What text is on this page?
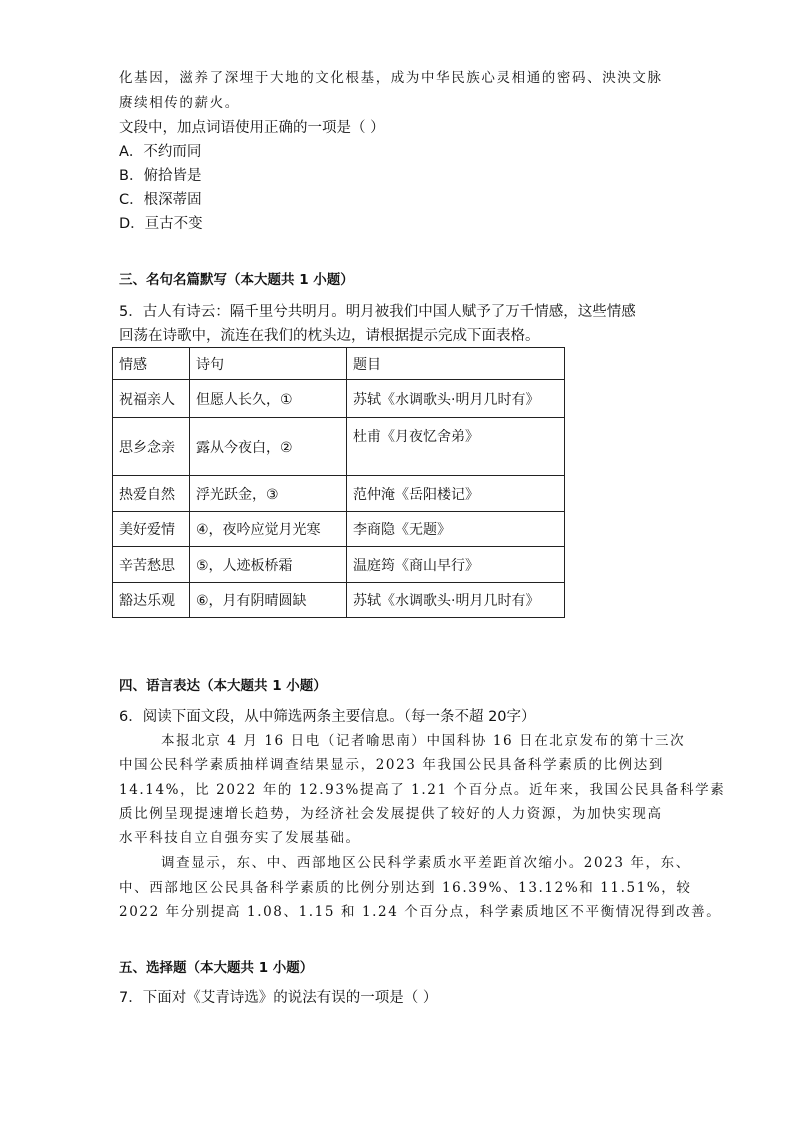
化基因，滋养了深埋于大地的文化根基，成为中华民族心灵相通的密码、泱泱文脉
赓续相传的薪火。
文段中，加点词语使用正确的一项是（ ）
A．不约而同
B．俯拾皆是
C．根深蒂固
D．亘古不变
三、名句名篇默写（本大题共 1 小题）
5．古人有诗云：隔千里兮共明月。明月被我们中国人赋予了万千情感，这些情感
回荡在诗歌中，流连在我们的枕头边，请根据提示完成下面表格。
情感	诗句	题目
祝福亲人	但愿人长久，①	苏轼《水调歌头·明月几时有》
思乡念亲	露从今夜白，②	杜甫《月夜忆舍弟》
热爱自然	浮光跃金，③	范仲淹《岳阳楼记》
美好爱情	④，夜吟应觉月光寒	李商隐《无题》
辛苦愁思	⑤，人迹板桥霜	温庭筠《商山早行》
豁达乐观	⑥，月有阴晴圆缺	苏轼《水调歌头·明月几时有》
四、语言表达（本大题共 1 小题）
6．阅读下面文段，从中筛选两条主要信息。（每一条不超 20字）
本报北京 4 月 16 日电（记者喻思南）中国科协 16 日在北京发布的第十三次
中国公民科学素质抽样调查结果显示，2023 年我国公民具备科学素质的比例达到
14.14%，比 2022 年的 12.93%提高了 1.21 个百分点。近年来，我国公民具备科学素
质比例呈现提速增长趋势，为经济社会发展提供了较好的人力资源，为加快实现高
水平科技自立自强夯实了发展基础。
调查显示，东、中、西部地区公民科学素质水平差距首次缩小。2023 年，东、
中、西部地区公民具备科学素质的比例分别达到 16.39%、13.12%和 11.51%，较
2022 年分别提高 1.08、1.15 和 1.24 个百分点，科学素质地区不平衡情况得到改善。
五、选择题（本大题共 1 小题）
7．下面对《艾青诗选》的说法有误的一项是（ ）
